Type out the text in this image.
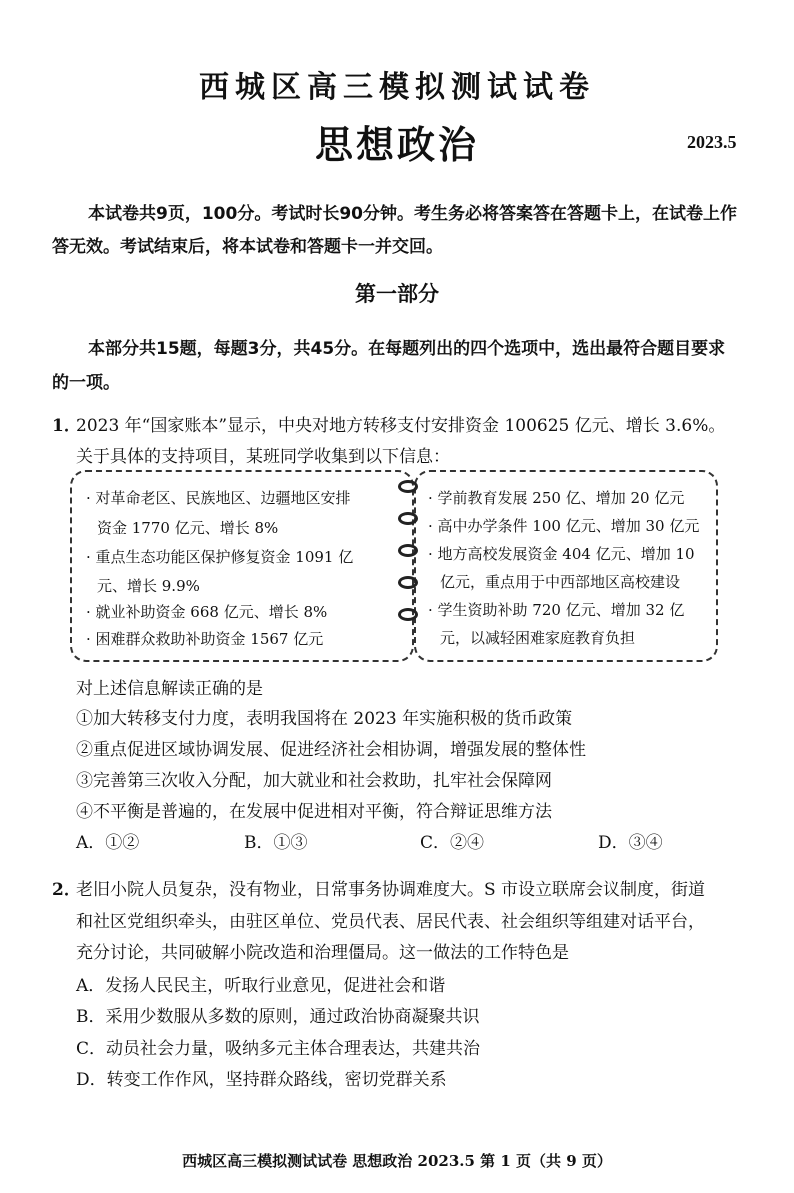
西城区高三模拟测试试卷
思想政治	2023.5
本试卷共9页，100分。考试时长90分钟。考生务必将答案答在答题卡上，在试卷上作
答无效。考试结束后，将本试卷和答题卡一并交回。
第一部分
本部分共15题，每题3分，共45分。在每题列出的四个选项中，选出最符合题目要求
的一项。
1．
2023 年“国家账本”显示，中央对地方转移支付安排资金 100625 亿元、增长 3.6%。
关于具体的支持项目，某班同学收集到以下信息：
· 对革命老区、民族地区、边疆地区安排
资金 1770 亿元、增长 8%
· 重点生态功能区保护修复资金 1091 亿
元、增长 9.9%
· 就业补助资金 668 亿元、增长 8%
· 困难群众救助补助资金 1567 亿元
· 学前教育发展 250 亿、增加 20 亿元
· 高中办学条件 100 亿元、增加 30 亿元
· 地方高校发展资金 404 亿元、增加 10
亿元，重点用于中西部地区高校建设
· 学生资助补助 720 亿元、增加 32 亿
元，以减轻困难家庭教育负担
对上述信息解读正确的是
①加大转移支付力度，表明我国将在 2023 年实施积极的货币政策
②重点促进区域协调发展、促进经济社会相协调，增强发展的整体性
③完善第三次收入分配，加大就业和社会救助，扎牢社会保障网
④不平衡是普遍的，在发展中促进相对平衡，符合辩证思维方法
A．①②	B．①③	C．②④	D．③④
2．
老旧小院人员复杂，没有物业，日常事务协调难度大。S 市设立联席会议制度，街道
和社区党组织牵头，由驻区单位、党员代表、居民代表、社会组织等组建对话平台，
充分讨论，共同破解小院改造和治理僵局。这一做法的工作特色是
A．发扬人民民主，听取行业意见，促进社会和谐
B．采用少数服从多数的原则，通过政治协商凝聚共识
C．动员社会力量，吸纳多元主体合理表达，共建共治
D．转变工作作风，坚持群众路线，密切党群关系
西城区高三模拟测试试卷 思想政治 2023.5 第 1 页（共 9 页）
